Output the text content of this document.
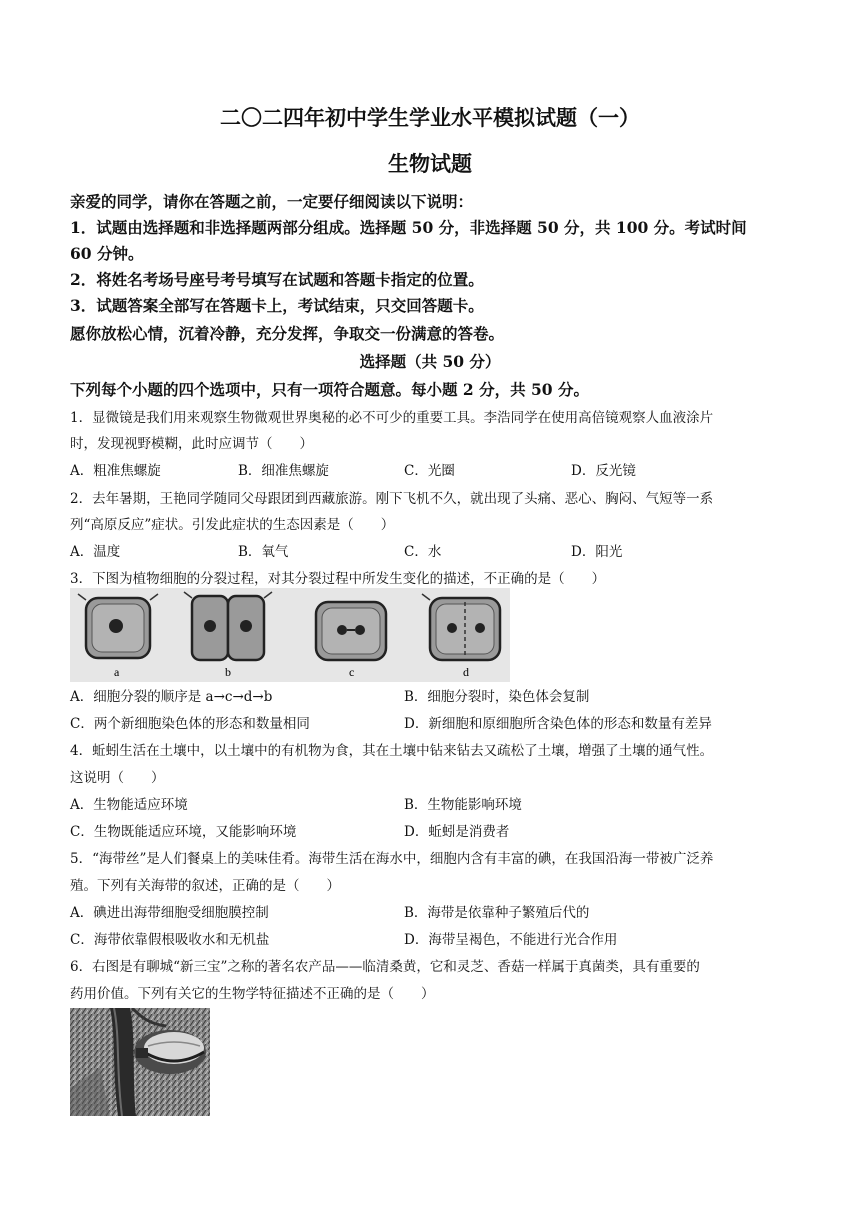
二〇二四年初中学生学业水平模拟试题（一）
生物试题
亲爱的同学，请你在答题之前，一定要仔细阅读以下说明：
1．试题由选择题和非选择题两部分组成。选择题 50 分，非选择题 50 分，共 100 分。考试时间
60 分钟。
2．将姓名考场号座号考号填写在试题和答题卡指定的位置。
3．试题答案全部写在答题卡上，考试结束，只交回答题卡。
愿你放松心情，沉着冷静，充分发挥，争取交一份满意的答卷。
选择题（共 50 分）
下列每个小题的四个选项中，只有一项符合题意。每小题 2 分，共 50 分。
1．显微镜是我们用来观察生物微观世界奥秘的必不可少的重要工具。李浩同学在使用高倍镜观察人血液涂片
时，发现视野模糊，此时应调节（　　）
A．粗准焦螺旋	B．细准焦螺旋	C．光圈	D．反光镜
2．去年暑期，王艳同学随同父母跟团到西藏旅游。刚下飞机不久，就出现了头痛、恶心、胸闷、气短等一系
列“高原反应”症状。引发此症状的生态因素是（　　）
A．温度	B．氧气	C．水	D．阳光
3．下图为植物细胞的分裂过程，对其分裂过程中所发生变化的描述，不正确的是（　　）
a	b	c	d
A．细胞分裂的顺序是 a→c→d→b	B．细胞分裂时，染色体会复制
C．两个新细胞染色体的形态和数量相同	D．新细胞和原细胞所含染色体的形态和数量有差异
4．蚯蚓生活在土壤中，以土壤中的有机物为食，其在土壤中钻来钻去又疏松了土壤，增强了土壤的通气性。
这说明（　　）
A．生物能适应环境	B．生物能影响环境
C．生物既能适应环境，又能影响环境	D．蚯蚓是消费者
5．“海带丝”是人们餐桌上的美味佳肴。海带生活在海水中，细胞内含有丰富的碘，在我国沿海一带被广泛养
殖。下列有关海带的叙述，正确的是（　　）
A．碘进出海带细胞受细胞膜控制	B．海带是依靠种子繁殖后代的
C．海带依靠假根吸收水和无机盐	D．海带呈褐色，不能进行光合作用
6．右图是有聊城“新三宝”之称的著名农产品——临清桑黄，它和灵芝、香菇一样属于真菌类，具有重要的
药用价值。下列有关它的生物学特征描述不正确的是（　　）
